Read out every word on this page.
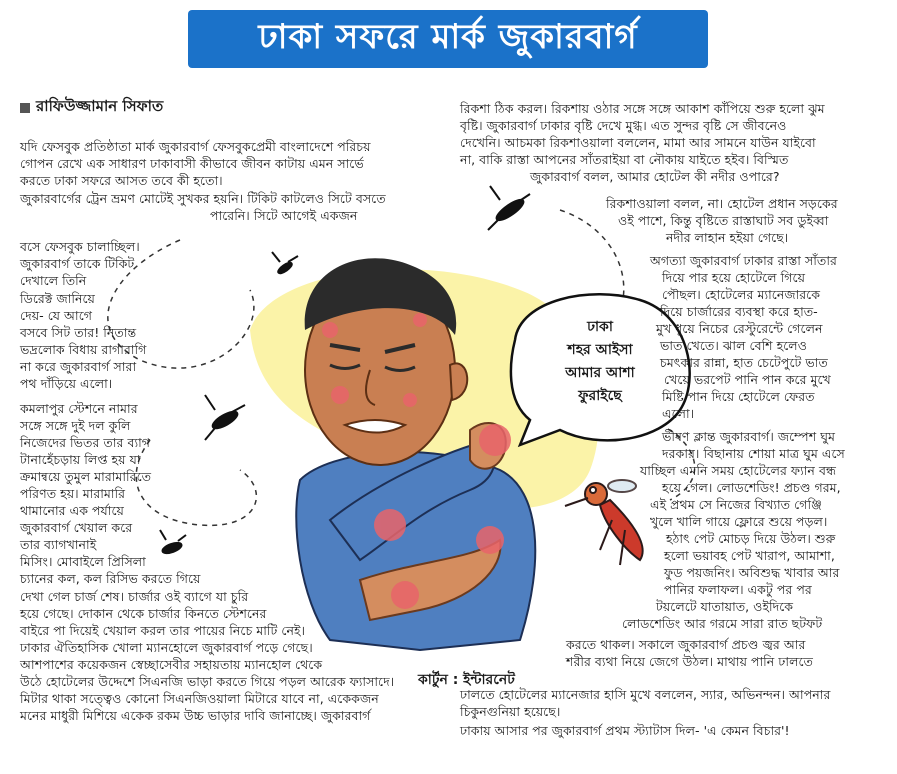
ঢাকা সফরে মার্ক জুকারবার্গ
রাফিউজ্জামান সিফাত
ঢাকা
শহর আইসা
আমার আশা
ফুরাইছে
যদি ফেসবুক প্রতিষ্ঠাতা মার্ক জুকারবার্গ ফেসবুকপ্রেমী বাংলাদেশে পরিচয়
গোপন রেখে এক সাধারণ ঢাকাবাসী কীভাবে জীবন কাটায় এমন সার্ভে
করতে ঢাকা সফরে আসত তবে কী হতো।
জুকারবার্গের ট্রেন ভ্রমণ মোটেই সুখকর হয়নি। টিকিট কাটলেও সিটে বসতে
পারেনি। সিটে আগেই একজন
বসে ফেসবুক চালাচ্ছিল।
জুকারবার্গ তাকে টিকিট
দেখালে তিনি
ডিরেক্ট জানিয়ে
দেয়- যে আগে
বসবে সিট তার! নিতান্ত
ভদ্রলোক বিধায় রাগারাগি
না করে জুকারবার্গ সারা
পথ দাঁড়িয়ে এলো।
কমলাপুর স্টেশনে নামার
সঙ্গে সঙ্গে দুই দল কুলি
নিজেদের ভিতর তার ব্যাগ
টানাহেঁচড়ায় লিপ্ত হয় যা
ক্রমান্বয়ে তুমুল মারামারিতে
পরিণত হয়। মারামারি
থামানোর এক পর্যায়ে
জুকারবার্গ খেয়াল করে
তার ব্যাগখানাই
মিসিং। মোবাইলে প্রিসিলা
চ্যানের কল, কল রিসিভ করতে গিয়ে
দেখা গেল চার্জ শেষ। চার্জার ওই ব্যাগে যা চুরি
হয়ে গেছে। দোকান থেকে চার্জার কিনতে স্টেশনের
বাইরে পা দিয়েই খেয়াল করল তার পায়ের নিচে মাটি নেই।
ঢাকার ঐতিহাসিক খোলা ম্যানহোলে জুকারবার্গ পড়ে গেছে।
আশপাশের কয়েকজন স্বেচ্ছাসেবীর সহায়তায় ম্যানহোল থেকে
উঠে হোটেলের উদ্দেশে সিএনজি ভাড়া করতে গিয়ে পড়ল আরেক ফ্যাসাদে।
মিটার থাকা সত্ত্বেও কোনো সিএনজিওয়ালা মিটারে যাবে না, একেকজন
মনের মাধুরী মিশিয়ে একেক রকম উচ্চ ভাড়ার দাবি জানাচ্ছে। জুকারবার্গ
রিকশা ঠিক করল। রিকশায় ওঠার সঙ্গে সঙ্গে আকাশ কাঁপিয়ে শুরু হলো ঝুম
বৃষ্টি। জুকারবার্গ ঢাকার বৃষ্টি দেখে মুগ্ধ। এত সুন্দর বৃষ্টি সে জীবনেও
দেখেনি। আচমকা রিকশাওয়ালা বললেন, মামা আর সামনে যাউন যাইবো
না, বাকি রাস্তা আপনের সাঁতরাইয়া বা নৌকায় যাইতে হইব। বিস্মিত
জুকারবার্গ বলল, আমার হোটেল কী নদীর ওপারে?
রিকশাওয়ালা বলল, না। হোটেল প্রধান সড়কের
ওই পাশে, কিন্তু বৃষ্টিতে রাস্তাঘাট সব ডুইব্বা
নদীর লাহান হইয়া গেছে।
অগত্যা জুকারবার্গ ঢাকার রাস্তা সাঁতার
দিয়ে পার হয়ে হোটেলে গিয়ে
পৌছল। হোটেলের ম্যানেজারকে
দিয়ে চার্জারের ব্যবস্থা করে হাত-
মুখ ধুয়ে নিচের রেস্টুরেন্টে গেলেন
ভাত খেতে। ঝাল বেশি হলেও
চমৎকার রান্না, হাত চেটেপুটে ভাত
খেয়ে ভরপেট পানি পান করে মুখে
মিষ্টি পান দিয়ে হোটেলে ফেরত
এলো।
ভীষণ ক্লান্ত জুকারবার্গ। জম্পেশ ঘুম
দরকার। বিছানায় শোয়া মাত্র ঘুম এসে
যাচ্ছিল এমনি সময় হোটেলের ফ্যান বন্ধ
হয়ে গেল। লোডশেডিং! প্রচণ্ড গরম,
এই প্রথম সে নিজের বিখ্যাত গেঞ্জি
খুলে খালি গায়ে ফ্লোরে শুয়ে পড়ল।
হঠাৎ পেট মোচড় দিয়ে উঠল। শুরু
হলো ভয়াবহ পেট খারাপ, আমাশা,
ফুড পয়জনিং। অবিশুদ্ধ খাবার আর
পানির ফলাফল। একটু পর পর
টয়লেটে যাতায়াত, ওইদিকে
লোডশেডিং আর গরমে সারা রাত ছটফট
করতে থাকল। সকালে জুকারবার্গ প্রচণ্ড জ্বর আর
শরীর ব্যথা নিয়ে জেগে উঠল। মাথায় পানি ঢালতে
ঢালতে হোটেলের ম্যানেজার হাসি মুখে বললেন, স্যার, অভিনন্দন। আপনার
চিকুনগুনিয়া হয়েছে।
ঢাকায় আসার পর জুকারবার্গ প্রথম স্ট্যাটাস দিল- 'এ কেমন বিচার'!
কার্টুন : ইন্টারনেট
